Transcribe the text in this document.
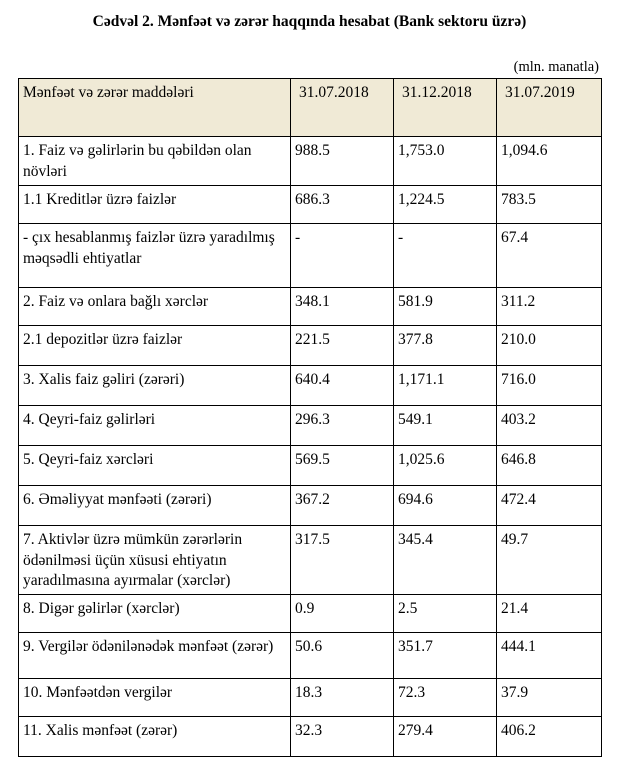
Cədvəl 2. Mənfəət və zərər haqqında hesabat (Bank sektoru üzrə)
(mln. manatla)
Mənfəət və zərər maddələri	31.07.2018	31.12.2018	31.07.2019
1. Faiz və gəlirlərin bu qəbildən olan növləri	988.5	1,753.0	1,094.6
1.1 Kreditlər üzrə faizlər	686.3	1,224.5	783.5
- çıx hesablanmış faizlər üzrə yaradılmış məqsədli ehtiyatlar	-	-	67.4
2. Faiz və onlara bağlı xərclər	348.1	581.9	311.2
2.1 depozitlər üzrə faizlər	221.5	377.8	210.0
3. Xalis faiz gəliri (zərəri)	640.4	1,171.1	716.0
4. Qeyri-faiz gəlirləri	296.3	549.1	403.2
5. Qeyri-faiz xərcləri	569.5	1,025.6	646.8
6. Əməliyyat mənfəəti (zərəri)	367.2	694.6	472.4
7. Aktivlər üzrə mümkün zərərlərin ödənilməsi üçün xüsusi ehtiyatın yaradılmasına ayırmalar (xərclər)	317.5	345.4	49.7
8. Digər gəlirlər (xərclər)	0.9	2.5	21.4
9. Vergilər ödənilənədək mənfəət (zərər)	50.6	351.7	444.1
10. Mənfəətdən vergilər	18.3	72.3	37.9
11. Xalis mənfəət (zərər)	32.3	279.4	406.2
